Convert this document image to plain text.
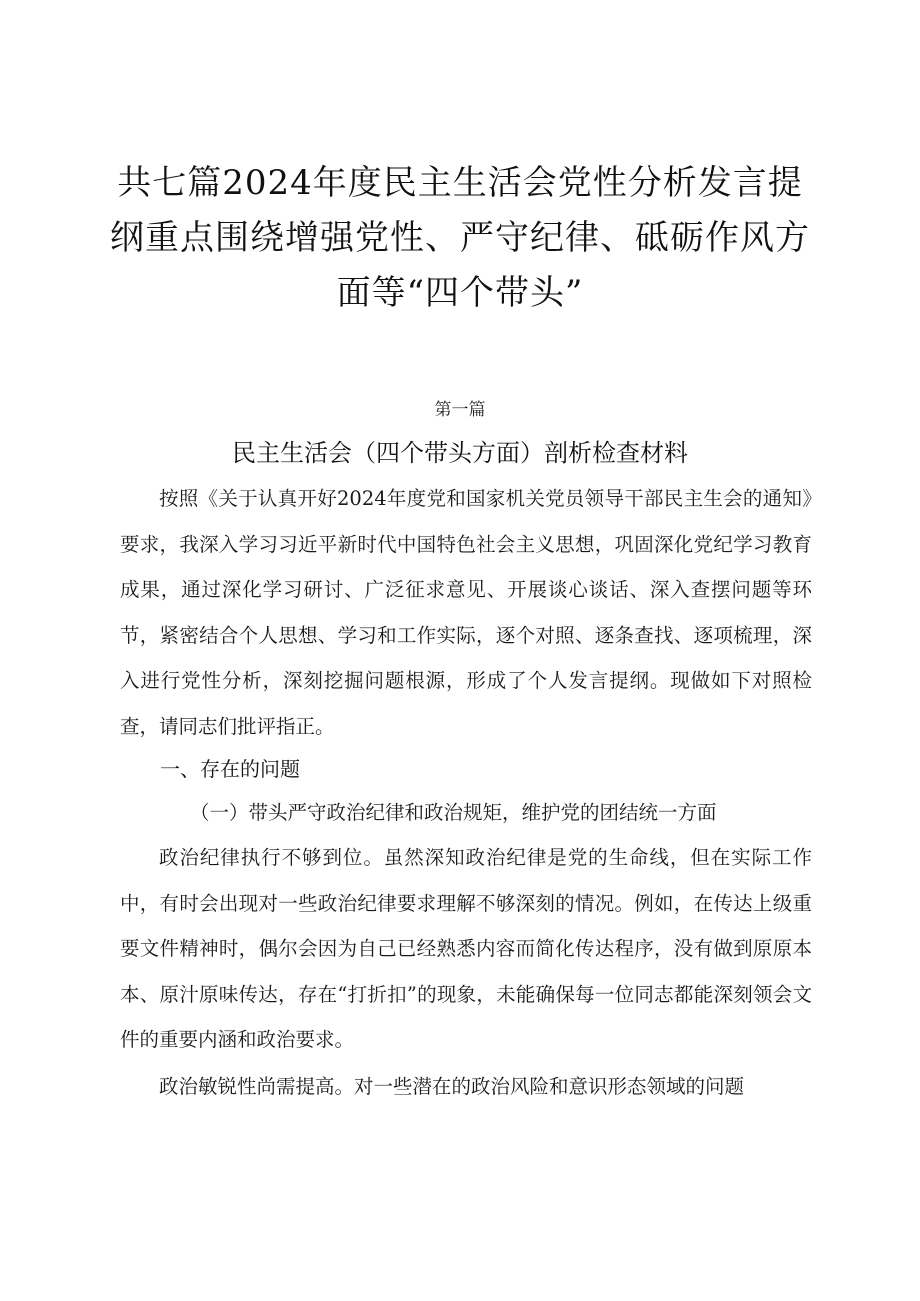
共七篇2024年度民主生活会党性分析发言提
纲重点围绕增强党性、严守纪律、砥砺作风方
面等“四个带头”
第一篇
民主生活会（四个带头方面）剖析检查材料

按照《关于认真开好2024年度党和国家机关党员领导干部民主生会的通知》要求，我深入学习习近平新时代中国特色社会主义思想，巩固深化党纪学习教育成果，通过深化学习研讨、广泛征求意见、开展谈心谈话、深入查摆问题等环节，紧密结合个人思想、学习和工作实际，逐个对照、逐条查找、逐项梳理，深入进行党性分析，深刻挖掘问题根源，形成了个人发言提纲。现做如下对照检查，请同志们批评指正。

一、存在的问题
（一）带头严守政治纪律和政治规矩，维护党的团结统一方面

政治纪律执行不够到位。虽然深知政治纪律是党的生命线，但在实际工作中，有时会出现对一些政治纪律要求理解不够深刻的情况。例如，在传达上级重要文件精神时，偶尔会因为自己已经熟悉内容而简化传达程序，没有做到原原本本、原汁原味传达，存在“打折扣”的现象，未能确保每一位同志都能深刻领会文件的重要内涵和政治要求。

政治敏锐性尚需提高。对一些潜在的政治风险和意识形态领域的问题
